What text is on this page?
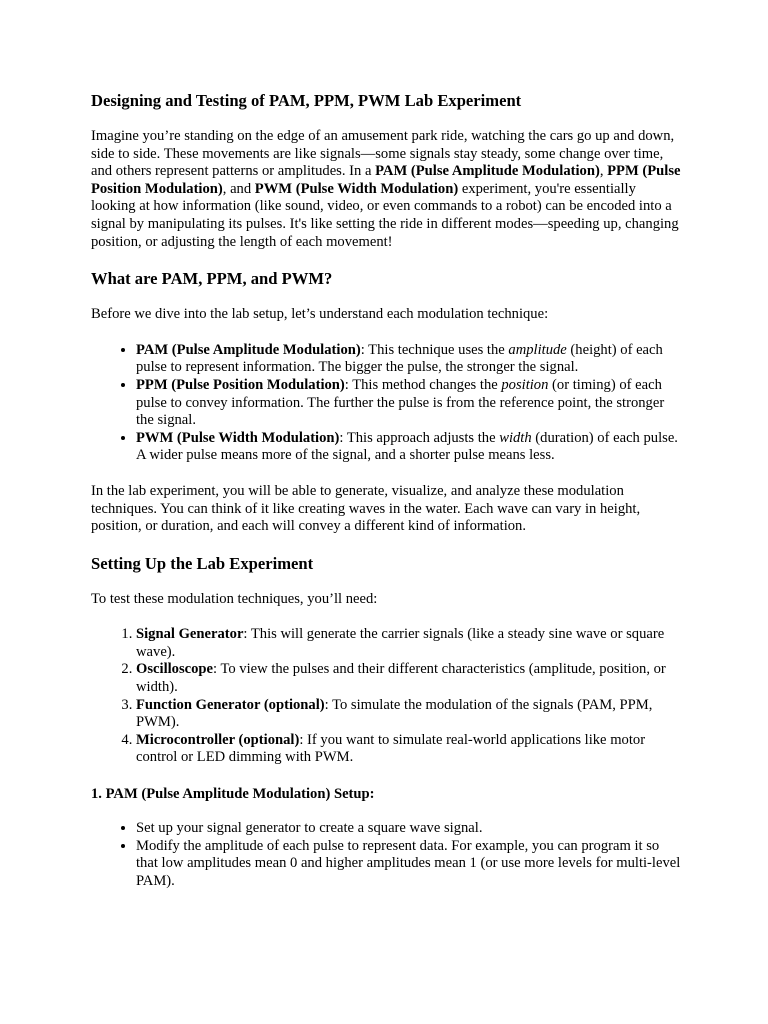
Designing and Testing of PAM, PPM, PWM Lab Experiment

Imagine you’re standing on the edge of an amusement park ride, watching the cars go up and down, side to side. These movements are like signals—some signals stay steady, some change over time, and others represent patterns or amplitudes. In a PAM (Pulse Amplitude Modulation), PPM (Pulse Position Modulation), and PWM (Pulse Width Modulation) experiment, you're essentially looking at how information (like sound, video, or even commands to a robot) can be encoded into a signal by manipulating its pulses. It's like setting the ride in different modes—speeding up, changing position, or adjusting the length of each movement!

What are PAM, PPM, and PWM?

Before we dive into the lab setup, let’s understand each modulation technique:

• PAM (Pulse Amplitude Modulation): This technique uses the amplitude (height) of each pulse to represent information. The bigger the pulse, the stronger the signal.
• PPM (Pulse Position Modulation): This method changes the position (or timing) of each pulse to convey information. The further the pulse is from the reference point, the stronger the signal.
• PWM (Pulse Width Modulation): This approach adjusts the width (duration) of each pulse. A wider pulse means more of the signal, and a shorter pulse means less.

In the lab experiment, you will be able to generate, visualize, and analyze these modulation techniques. You can think of it like creating waves in the water. Each wave can vary in height, position, or duration, and each will convey a different kind of information.

Setting Up the Lab Experiment

To test these modulation techniques, you’ll need:

1. Signal Generator: This will generate the carrier signals (like a steady sine wave or square wave).
2. Oscilloscope: To view the pulses and their different characteristics (amplitude, position, or width).
3. Function Generator (optional): To simulate the modulation of the signals (PAM, PPM, PWM).
4. Microcontroller (optional): If you want to simulate real-world applications like motor control or LED dimming with PWM.
1. PAM (Pulse Amplitude Modulation) Setup:
• Set up your signal generator to create a square wave signal.
• Modify the amplitude of each pulse to represent data. For example, you can program it so that low amplitudes mean 0 and higher amplitudes mean 1 (or use more levels for multi-level PAM).
